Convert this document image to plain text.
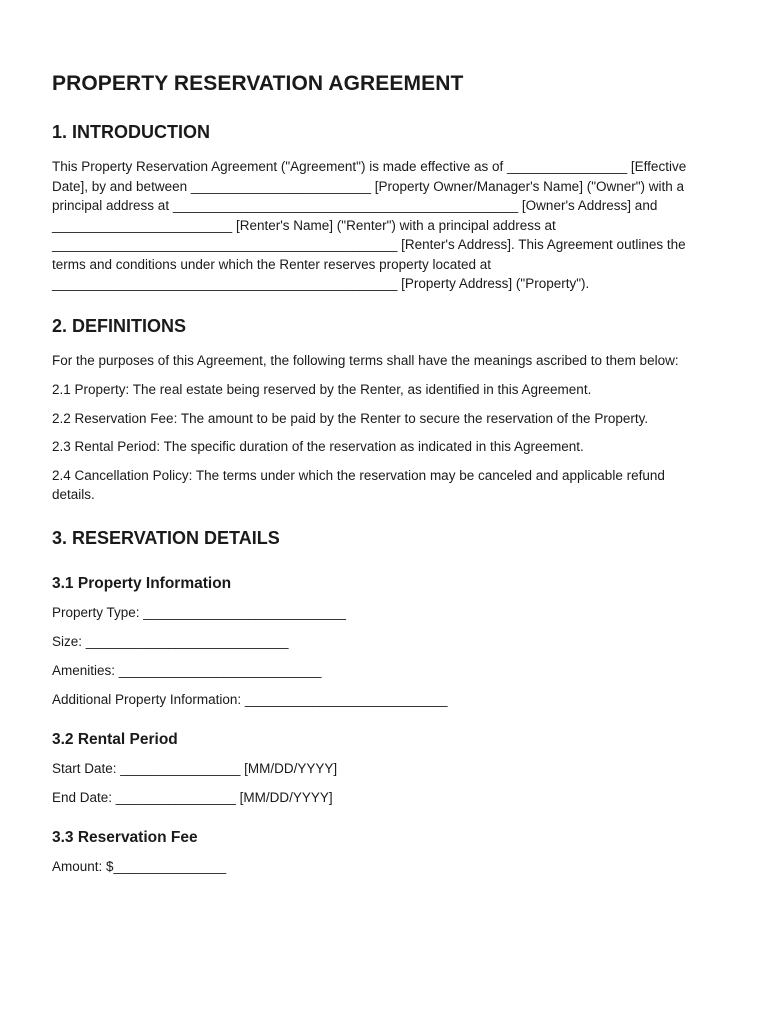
PROPERTY RESERVATION AGREEMENT
1. INTRODUCTION

This Property Reservation Agreement ("Agreement") is made effective as of ________________ [Effective Date], by and between ________________________ [Property Owner/Manager's Name] ("Owner") with a principal address at ______________________________________________ [Owner's Address] and ________________________ [Renter's Name] ("Renter") with a principal address at ______________________________________________ [Renter's Address]. This Agreement outlines the terms and conditions under which the Renter reserves property located at ______________________________________________ [Property Address] ("Property").

2. DEFINITIONS

For the purposes of this Agreement, the following terms shall have the meanings ascribed to them below:

2.1 Property: The real estate being reserved by the Renter, as identified in this Agreement.

2.2 Reservation Fee: The amount to be paid by the Renter to secure the reservation of the Property.

2.3 Rental Period: The specific duration of the reservation as indicated in this Agreement.

2.4 Cancellation Policy: The terms under which the reservation may be canceled and applicable refund details.

3. RESERVATION DETAILS
3.1 Property Information
Property Type: ___________________________
Size: ___________________________
Amenities: ___________________________
Additional Property Information: ___________________________
3.2 Rental Period
Start Date: ________________ [MM/DD/YYYY]
End Date: ________________ [MM/DD/YYYY]
3.3 Reservation Fee
Amount: $_______________
